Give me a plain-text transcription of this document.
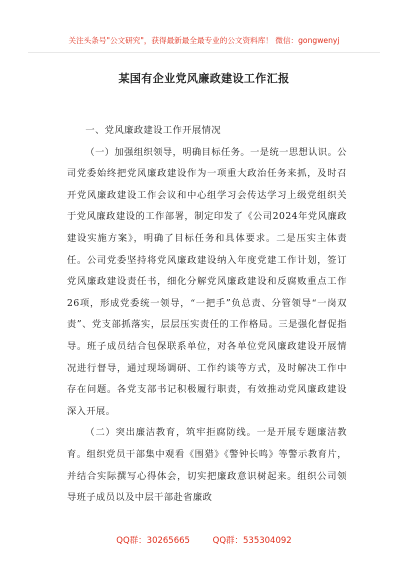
关注头条号"公文研究"，获得最新最全最专业的公文资料库！ 微信：gongwenyj
某国有企业党风廉政建设工作汇报

一、党风廉政建设工作开展情况

（一）加强组织领导，明确目标任务。一是统一思想认识。公司党委始终把党风廉政建设作为一项重大政治任务来抓，及时召开党风廉政建设工作会议和中心组学习会传达学习上级党组织关于党风廉政建设的工作部署，制定印发了《公司2024年党风廉政建设实施方案》，明确了目标任务和具体要求。二是压实主体责任。公司党委坚持将党风廉政建设纳入年度党建工作计划，签订党风廉政建设责任书，细化分解党风廉政建设和反腐败重点工作26项，形成党委统一领导，“一把手”负总责、分管领导“一岗双责”、党支部抓落实，层层压实责任的工作格局。三是强化督促指导。班子成员结合包保联系单位，对各单位党风廉政建设开展情况进行督导，通过现场调研、工作约谈等方式，及时解决工作中存在问题。各党支部书记积极履行职责，有效推动党风廉政建设深入开展。

（二）突出廉洁教育，筑牢拒腐防线。一是开展专题廉洁教育。组织党员干部集中观看《围猎》《警钟长鸣》等警示教育片，并结合实际撰写心得体会，切实把廉政意识树起来。组织公司领导班子成员以及中层干部赴省廉政

QQ群：30265665	QQ群：535304092
